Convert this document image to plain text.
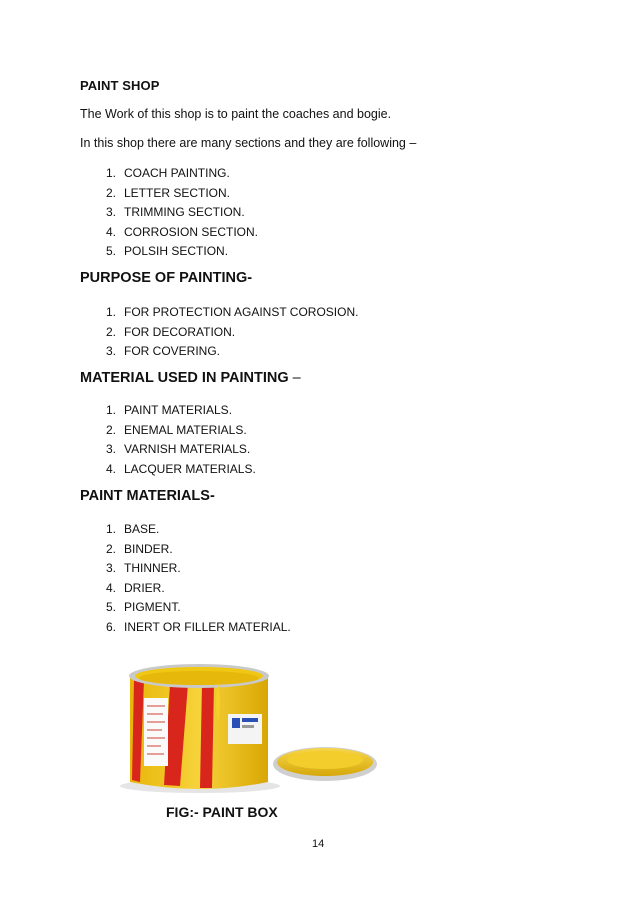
PAINT SHOP
The Work of this shop is to paint the coaches and bogie.
In this shop there are many sections and they are following –
1. COACH PAINTING.
2. LETTER SECTION.
3. TRIMMING SECTION.
4. CORROSION SECTION.
5. POLSIH SECTION.
PURPOSE OF PAINTING-
1. FOR PROTECTION AGAINST COROSION.
2. FOR DECORATION.
3. FOR COVERING.
MATERIAL USED IN PAINTING –
1. PAINT MATERIALS.
2. ENEMAL MATERIALS.
3. VARNISH MATERIALS.
4. LACQUER MATERIALS.
PAINT MATERIALS-
1. BASE.
2. BINDER.
3. THINNER.
4. DRIER.
5. PIGMENT.
6. INERT OR FILLER MATERIAL.
FIG:- PAINT BOX
14
